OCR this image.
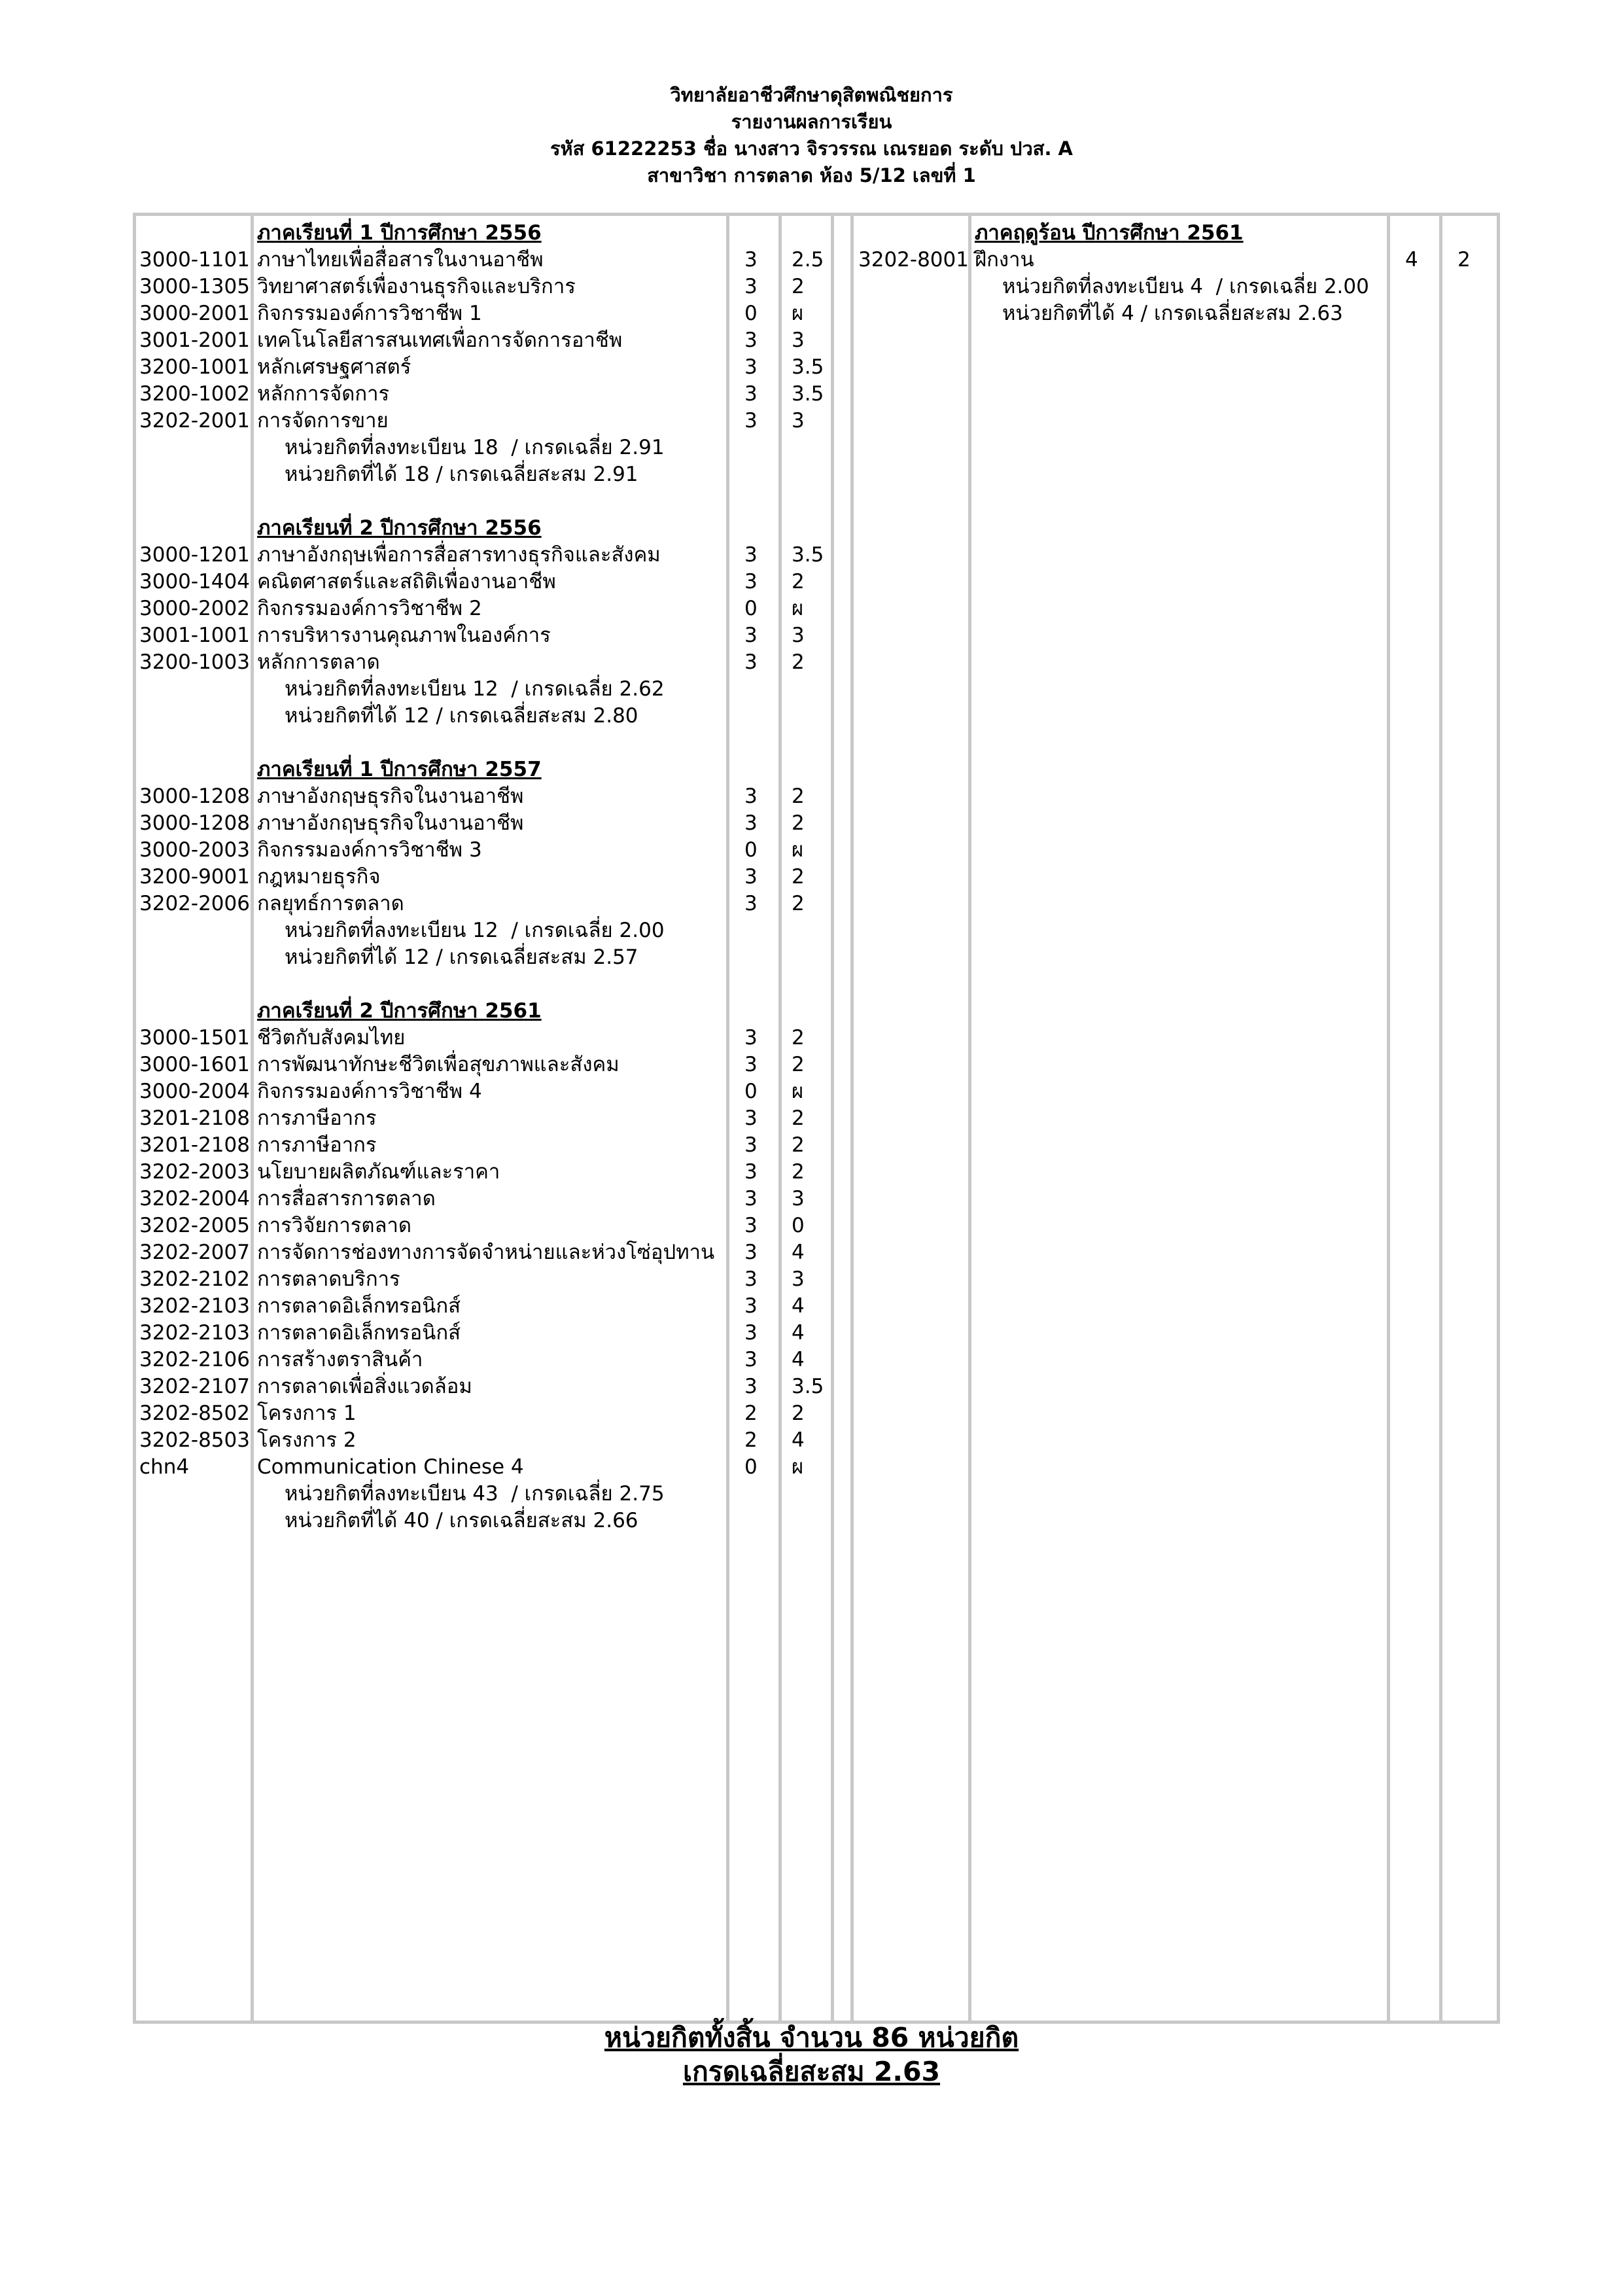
วิทยาลัยอาชีวศึกษาดุสิตพณิชยการ
รายงานผลการเรียน
รหัส 61222253 ชื่อ นางสาว จิรวรรณ เณรยอด ระดับ ปวส. A
สาขาวิชา การตลาด ห้อง 5/12 เลขที่ 1
3000-1101
3000-1305
3000-2001
3001-2001
3200-1001
3200-1002
3202-2001
3000-1201
3000-1404
3000-2002
3001-1001
3200-1003
3000-1208
3000-1208
3000-2003
3200-9001
3202-2006
3000-1501
3000-1601
3000-2004
3201-2108
3201-2108
3202-2003
3202-2004
3202-2005
3202-2007
3202-2102
3202-2103
3202-2103
3202-2106
3202-2107
3202-8502
3202-8503
chn4
ภาคเรียนที่ 1 ปีการศึกษา 2556
ภาษาไทยเพื่อสื่อสารในงานอาชีพ
วิทยาศาสตร์เพื่องานธุรกิจและบริการ
กิจกรรมองค์การวิชาชีพ 1
เทคโนโลยีสารสนเทศเพื่อการจัดการอาชีพ
หลักเศรษฐศาสตร์
หลักการจัดการ
การจัดการขาย
หน่วยกิตที่ลงทะเบียน 18  / เกรดเฉลี่ย 2.91
หน่วยกิตที่ได้ 18 / เกรดเฉลี่ยสะสม 2.91
ภาคเรียนที่ 2 ปีการศึกษา 2556
ภาษาอังกฤษเพื่อการสื่อสารทางธุรกิจและสังคม
คณิตศาสตร์และสถิติเพื่องานอาชีพ
กิจกรรมองค์การวิชาชีพ 2
การบริหารงานคุณภาพในองค์การ
หลักการตลาด
หน่วยกิตที่ลงทะเบียน 12  / เกรดเฉลี่ย 2.62
หน่วยกิตที่ได้ 12 / เกรดเฉลี่ยสะสม 2.80
ภาคเรียนที่ 1 ปีการศึกษา 2557
ภาษาอังกฤษธุรกิจในงานอาชีพ
ภาษาอังกฤษธุรกิจในงานอาชีพ
กิจกรรมองค์การวิชาชีพ 3
กฎหมายธุรกิจ
กลยุทธ์การตลาด
หน่วยกิตที่ลงทะเบียน 12  / เกรดเฉลี่ย 2.00
หน่วยกิตที่ได้ 12 / เกรดเฉลี่ยสะสม 2.57
ภาคเรียนที่ 2 ปีการศึกษา 2561
ชีวิตกับสังคมไทย
การพัฒนาทักษะชีวิตเพื่อสุขภาพและสังคม
กิจกรรมองค์การวิชาชีพ 4
การภาษีอากร
การภาษีอากร
นโยบายผลิตภัณฑ์และราคา
การสื่อสารการตลาด
การวิจัยการตลาด
การจัดการช่องทางการจัดจำหน่ายและห่วงโซ่อุปทาน
การตลาดบริการ
การตลาดอิเล็กทรอนิกส์
การตลาดอิเล็กทรอนิกส์
การสร้างตราสินค้า
การตลาดเพื่อสิ่งแวดล้อม
โครงการ 1
โครงการ 2
Communication Chinese 4
หน่วยกิตที่ลงทะเบียน 43  / เกรดเฉลี่ย 2.75
หน่วยกิตที่ได้ 40 / เกรดเฉลี่ยสะสม 2.66
3
3
0
3
3
3
3
3
3
0
3
3
3
3
0
3
3
3
3
0
3
3
3
3
3
3
3
3
3
3
3
2
2
0
2.5
2
ผ
3
3.5
3.5
3
3.5
2
ผ
3
2
2
2
ผ
2
2
2
2
ผ
2
2
2
3
0
4
3
4
4
4
3.5
2
4
ผ
3202-8001
ภาคฤดูร้อน ปีการศึกษา 2561
ฝึกงาน
หน่วยกิตที่ลงทะเบียน 4  / เกรดเฉลี่ย 2.00
หน่วยกิตที่ได้ 4 / เกรดเฉลี่ยสะสม 2.63
4 2
หน่วยกิตทั้งสิ้น จำนวน 86 หน่วยกิต
เกรดเฉลี่ยสะสม 2.63
